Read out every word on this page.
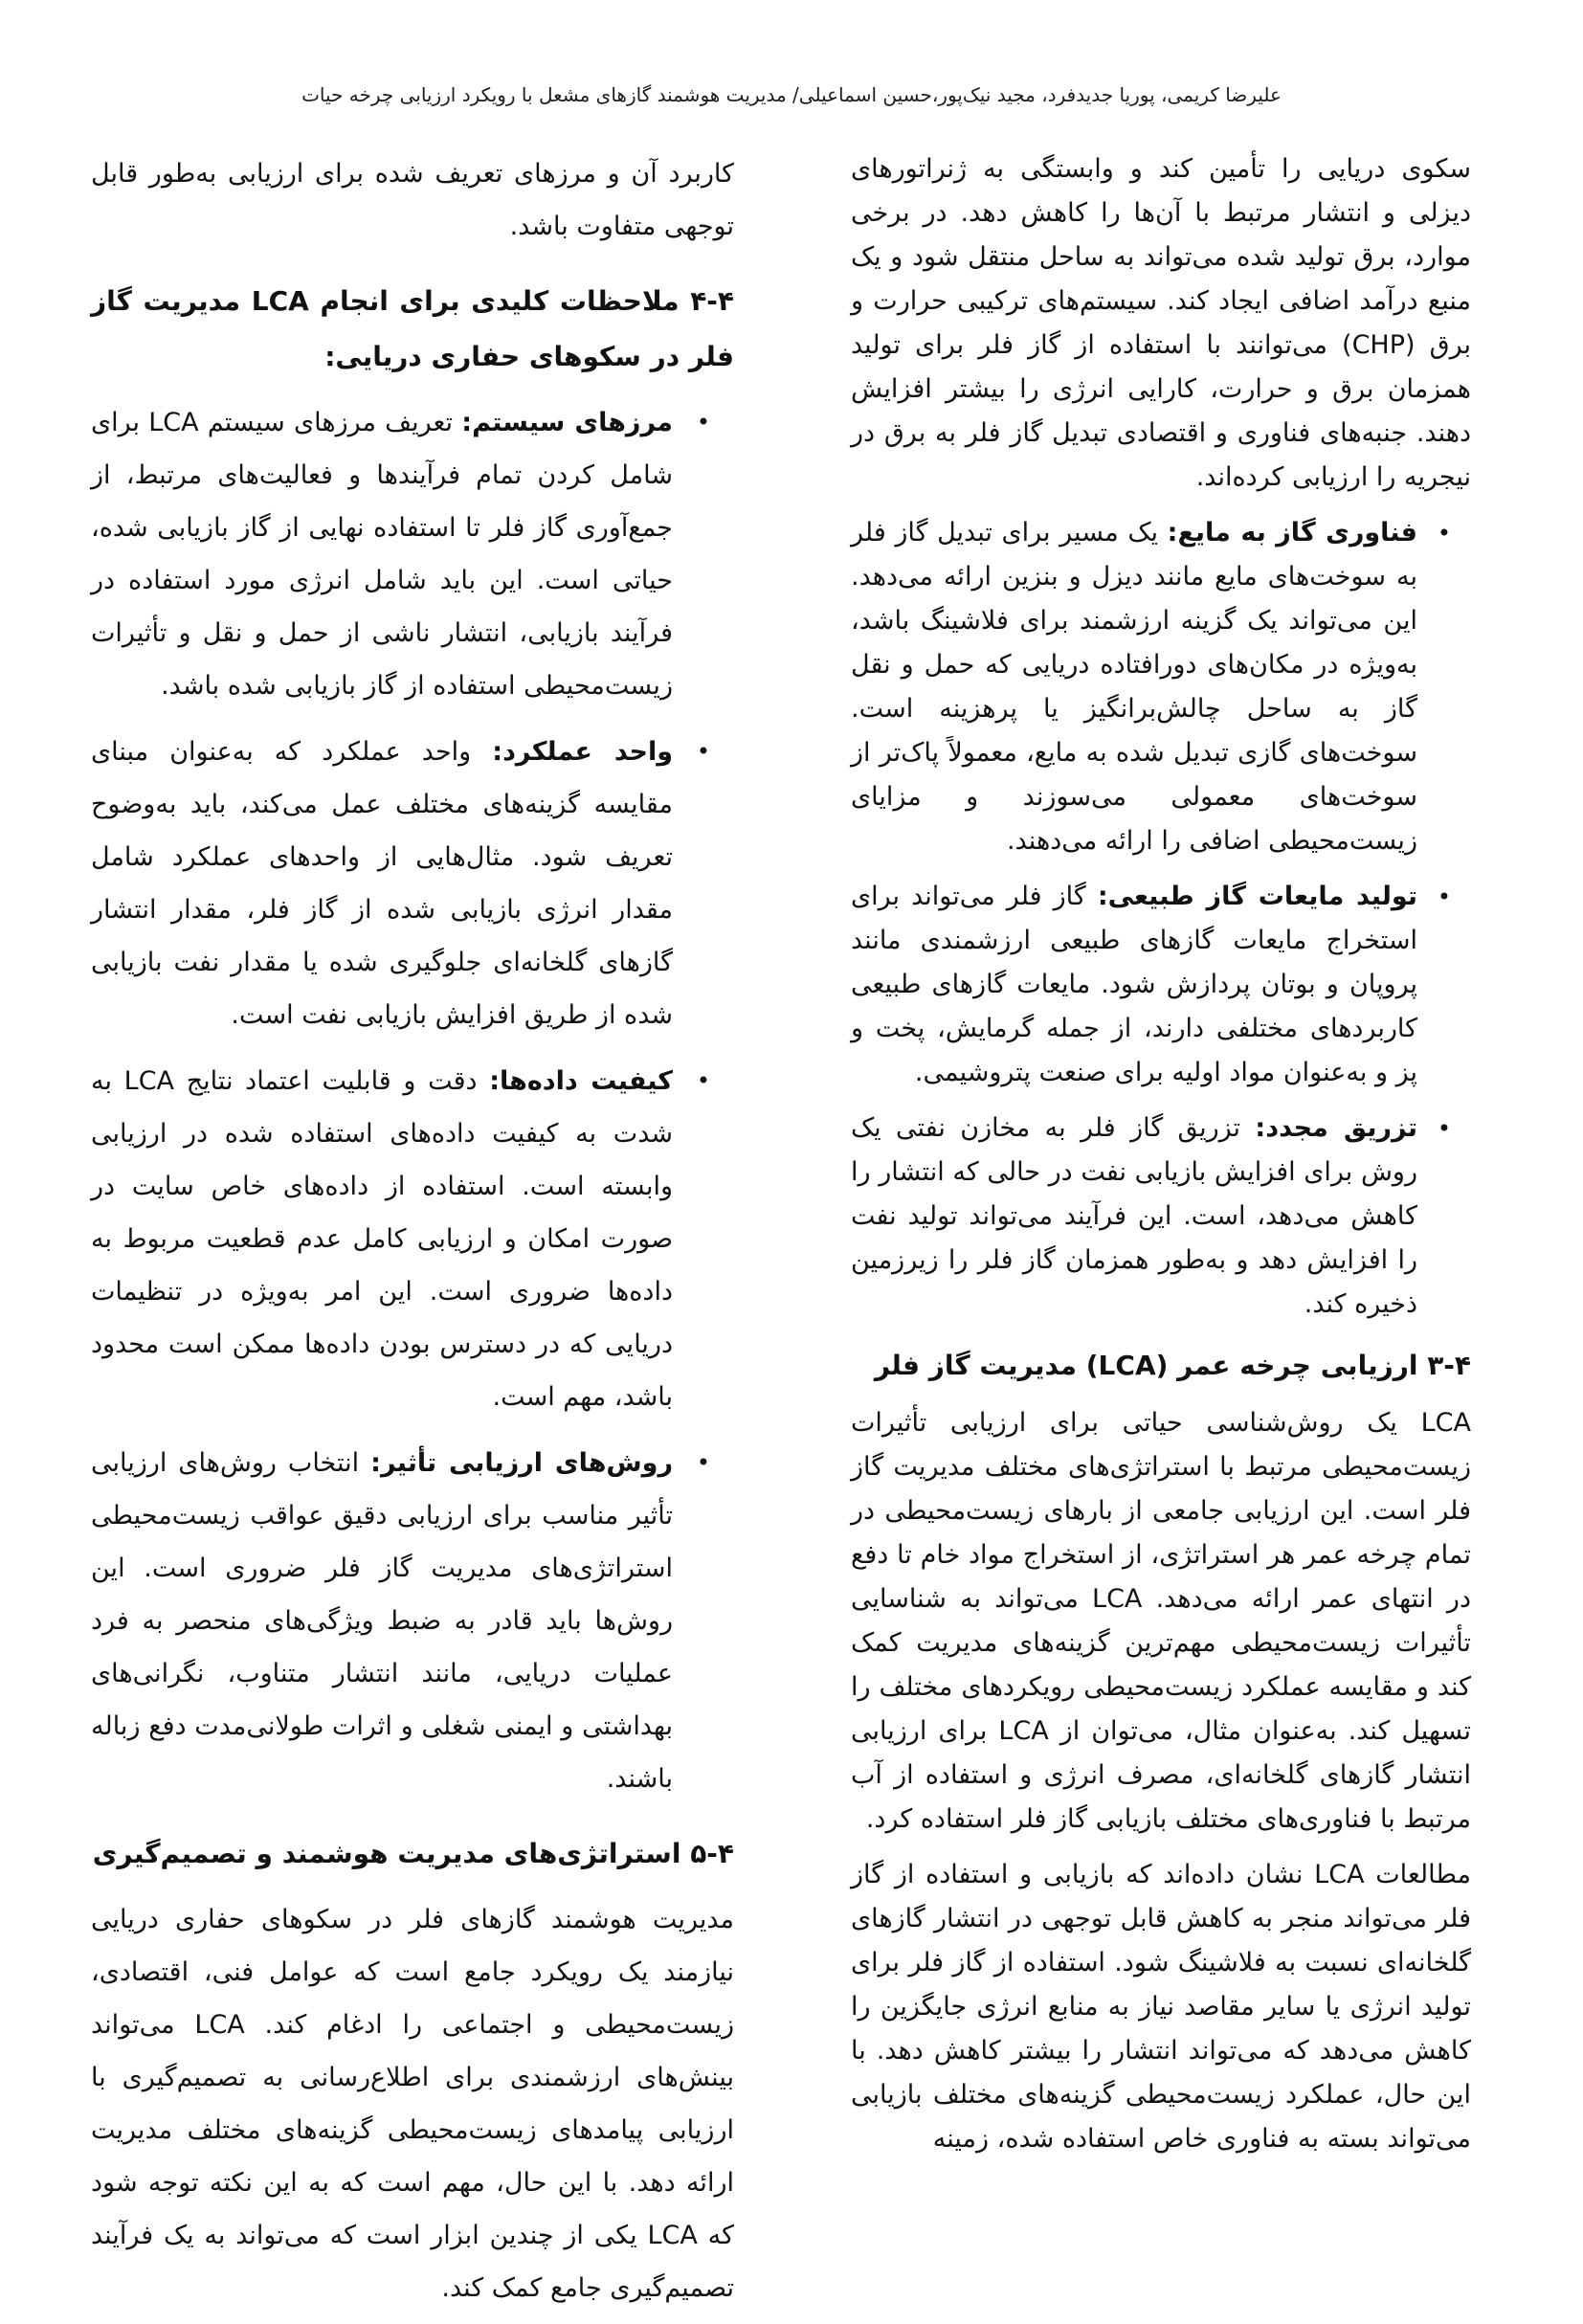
علیرضا کریمی، پوریا جدیدفرد، مجید نیک‌پور،حسین اسماعیلی/ مدیریت هوشمند گازهای مشعل با رویکرد ارزیابی چرخه حیات

سکوی دریایی را تأمین کند و وابستگی به ژنراتورهای دیزلی و انتشار مرتبط با آن‌ها را کاهش دهد. در برخی موارد، برق تولید شده می‌تواند به ساحل منتقل شود و یک منبع درآمد اضافی ایجاد کند. سیستم‌های ترکیبی حرارت و برق (CHP) می‌توانند با استفاده از گاز فلر برای تولید همزمان برق و حرارت، کارایی انرژی را بیشتر افزایش دهند. جنبه‌های فناوری و اقتصادی تبدیل گاز فلر به برق در نیجریه را ارزیابی کرده‌اند.

•
فناوری گاز به مایع: یک مسیر برای تبدیل گاز فلر به سوخت‌های مایع مانند دیزل و بنزین ارائه می‌دهد. این می‌تواند یک گزینه ارزشمند برای فلاشینگ باشد، به‌ویژه در مکان‌های دورافتاده دریایی که حمل و نقل گاز به ساحل چالش‌برانگیز یا پرهزینه است. سوخت‌های گازی تبدیل شده به مایع، معمولاً پاک‌تر از سوخت‌های معمولی می‌سوزند و مزایای زیست‌محیطی اضافی را ارائه می‌دهند.
•
تولید مایعات گاز طبیعی: گاز فلر می‌تواند برای استخراج مایعات گازهای طبیعی ارزشمندی مانند پروپان و بوتان پردازش شود. مایعات گازهای طبیعی کاربردهای مختلفی دارند، از جمله گرمایش، پخت و پز و به‌عنوان مواد اولیه برای صنعت پتروشیمی.
•
تزریق مجدد: تزریق گاز فلر به مخازن نفتی یک روش برای افزایش بازیابی نفت در حالی که انتشار را کاهش می‌دهد، است. این فرآیند می‌تواند تولید نفت را افزایش دهد و به‌طور همزمان گاز فلر را زیرزمین ذخیره کند.
۳-۴ ارزیابی چرخه عمر (LCA) مدیریت گاز فلر

LCA یک روش‌شناسی حیاتی برای ارزیابی تأثیرات زیست‌محیطی مرتبط با استراتژی‌های مختلف مدیریت گاز فلر است. این ارزیابی جامعی از بارهای زیست‌محیطی در تمام چرخه عمر هر استراتژی، از استخراج مواد خام تا دفع در انتهای عمر ارائه می‌دهد. LCA می‌تواند به شناسایی تأثیرات زیست‌محیطی مهم‌ترین گزینه‌های مدیریت کمک کند و مقایسه عملکرد زیست‌محیطی رویکردهای مختلف را تسهیل کند. به‌عنوان مثال، می‌توان از LCA برای ارزیابی انتشار گازهای گلخانه‌ای، مصرف انرژی و استفاده از آب مرتبط با فناوری‌های مختلف بازیابی گاز فلر استفاده کرد.

مطالعات LCA نشان داده‌اند که بازیابی و استفاده از گاز فلر می‌تواند منجر به کاهش قابل توجهی در انتشار گازهای گلخانه‌ای نسبت به فلاشینگ شود. استفاده از گاز فلر برای تولید انرژی یا سایر مقاصد نیاز به منابع انرژی جایگزین را کاهش می‌دهد که می‌تواند انتشار را بیشتر کاهش دهد. با این حال، عملکرد زیست‌محیطی گزینه‌های مختلف بازیابی می‌تواند بسته به فناوری خاص استفاده شده، زمینه

کاربرد آن و مرزهای تعریف شده برای ارزیابی به‌طور قابل توجهی متفاوت باشد.

۴-۴ ملاحظات کلیدی برای انجام LCA مدیریت گاز فلر در سکوهای حفاری دریایی:
•
مرزهای سیستم: تعریف مرزهای سیستم LCA برای شامل کردن تمام فرآیندها و فعالیت‌های مرتبط، از جمع‌آوری گاز فلر تا استفاده نهایی از گاز بازیابی شده، حیاتی است. این باید شامل انرژی مورد استفاده در فرآیند بازیابی، انتشار ناشی از حمل و نقل و تأثیرات زیست‌محیطی استفاده از گاز بازیابی شده باشد.
•
واحد عملکرد: واحد عملکرد که به‌عنوان مبنای مقایسه گزینه‌های مختلف عمل می‌کند، باید به‌وضوح تعریف شود. مثال‌هایی از واحدهای عملکرد شامل مقدار انرژی بازیابی شده از گاز فلر، مقدار انتشار گازهای گلخانه‌ای جلوگیری شده یا مقدار نفت بازیابی شده از طریق افزایش بازیابی نفت است.
•
کیفیت داده‌ها: دقت و قابلیت اعتماد نتایج LCA به شدت به کیفیت داده‌های استفاده شده در ارزیابی وابسته است. استفاده از داده‌های خاص سایت در صورت امکان و ارزیابی کامل عدم قطعیت مربوط به داده‌ها ضروری است. این امر به‌ویژه در تنظیمات دریایی که در دسترس بودن داده‌ها ممکن است محدود باشد، مهم است.
•
روش‌های ارزیابی تأثیر: انتخاب روش‌های ارزیابی تأثیر مناسب برای ارزیابی دقیق عواقب زیست‌محیطی استراتژی‌های مدیریت گاز فلر ضروری است. این روش‌ها باید قادر به ضبط ویژگی‌های منحصر به فرد عملیات دریایی، مانند انتشار متناوب، نگرانی‌های بهداشتی و ایمنی شغلی و اثرات طولانی‌مدت دفع زباله باشند.
۵-۴ استراتژی‌های مدیریت هوشمند و تصمیم‌گیری

مدیریت هوشمند گازهای فلر در سکوهای حفاری دریایی نیازمند یک رویکرد جامع است که عوامل فنی، اقتصادی، زیست‌محیطی و اجتماعی را ادغام کند. LCA می‌تواند بینش‌های ارزشمندی برای اطلاع‌رسانی به تصمیم‌گیری با ارزیابی پیامدهای زیست‌محیطی گزینه‌های مختلف مدیریت ارائه دهد. با این حال، مهم است که به این نکته توجه شود که LCA یکی از چندین ابزار است که می‌تواند به یک فرآیند تصمیم‌گیری جامع کمک کند.
